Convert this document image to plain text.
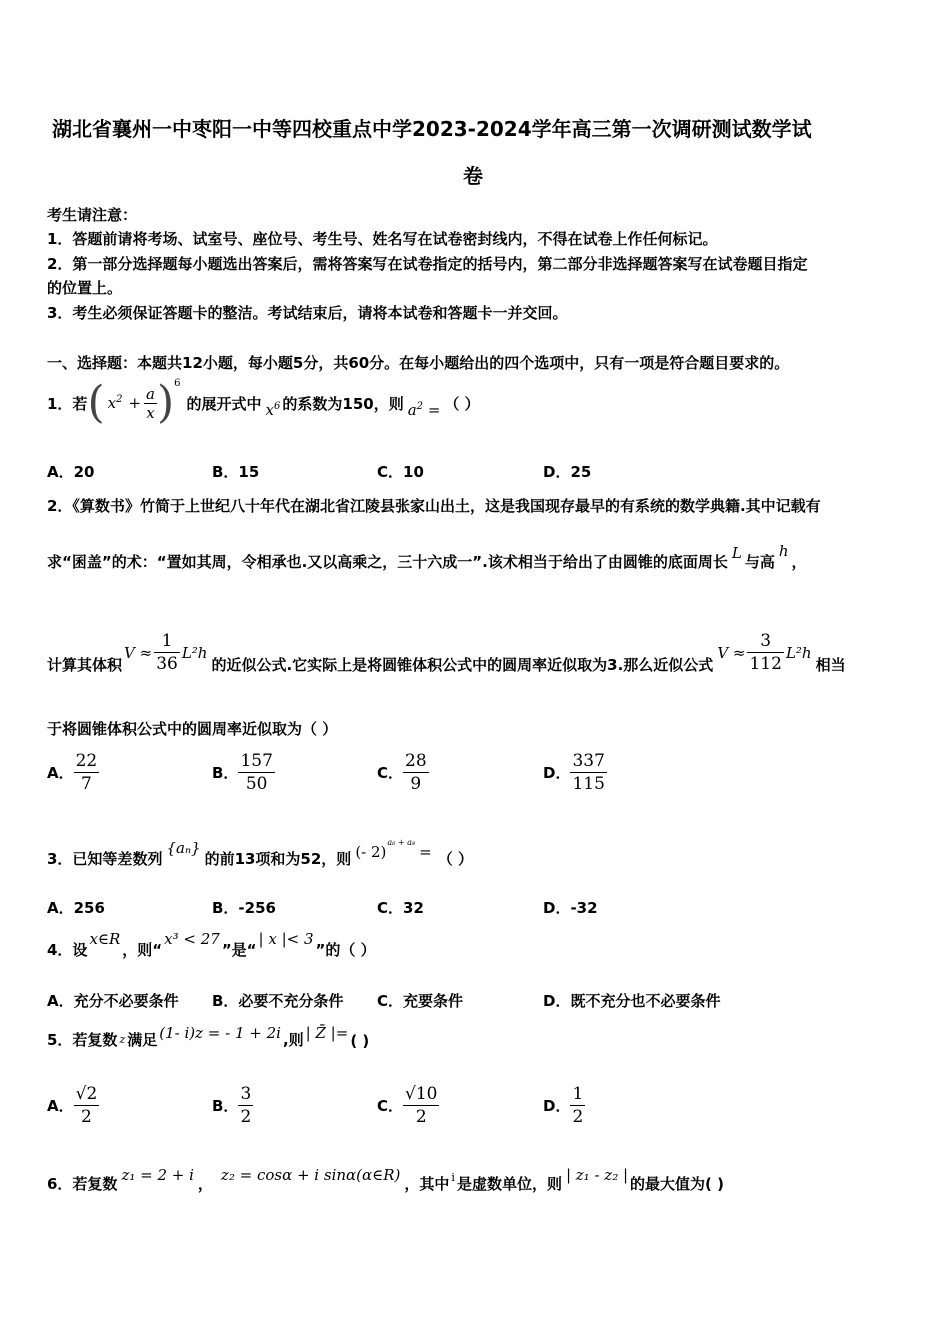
湖北省襄州一中枣阳一中等四校重点中学2023-2024学年高三第一次调研测试数学试
卷
考生请注意：
1．答题前请将考场、试室号、座位号、考生号、姓名写在试卷密封线内，不得在试卷上作任何标记。
2．第一部分选择题每小题选出答案后，需将答案写在试卷指定的括号内，第二部分非选择题答案写在试卷题目指定
的位置上。
3．考生必须保证答题卡的整洁。考试结束后，请将本试卷和答题卡一并交回。
一、选择题：本题共12小题，每小题5分，共60分。在每小题给出的四个选项中，只有一项是符合题目要求的。
1．若 ( $x^2 + \frac{a}{x}$ ) 6
的展开式中 $x^6$ 的系数为150，则 $a^2$ = （ ）
A．20	B．15	C．10	D．25
2．《算数书》竹简于上世纪八十年代在湖北省江陵县张家山出土，这是我国现存最早的有系统的数学典籍.其中记载有
求“囷盖”的术：“置如其周，令相承也.又以高乘之，三十六成一”.该术相当于给出了由圆锥的底面周长 L 与高
h
，
计算其体积
$V \approx \frac{1}{36} L^2h$
的近似公式.它实际上是将圆锥体积公式中的圆周率近似取为3.那么近似公式
$V \approx \frac{3}{112} L^2h$
相当
于将圆锥体积公式中的圆周率近似取为（ ）
A． $\frac{22}{7}$	B． $\frac{157}{50}$	C． $\frac{28}{9}$	D． $\frac{337}{115}$
3．已知等差数列
{aₙ}
的前13项和为52，则 (- 2)
a₆ + a₈
= （ ）
A．256	B．-256	C．32	D．-32
4．设
x∈R
，则“
x³ < 27
”是“
| x |< 3
”的（ ）
A．充分不必要条件 B．必要不充分条件 C．充要条件	D．既不充分也不必要条件
5．若复数 z 满足 (1- i)z = - 1 + 2i ,则 | Z̄ |= ( )
A． $\frac{√2}{2}$	B． $\frac{3}{2}$	C． $\frac{√10}{2}$	D． $\frac{1}{2}$
6．若复数 z₁ = 2 + i ， z₂ = cosα + i sinα(α∈R) ，其中 i 是虚数单位，则 | z₁ - z₂ | 的最大值为( )
